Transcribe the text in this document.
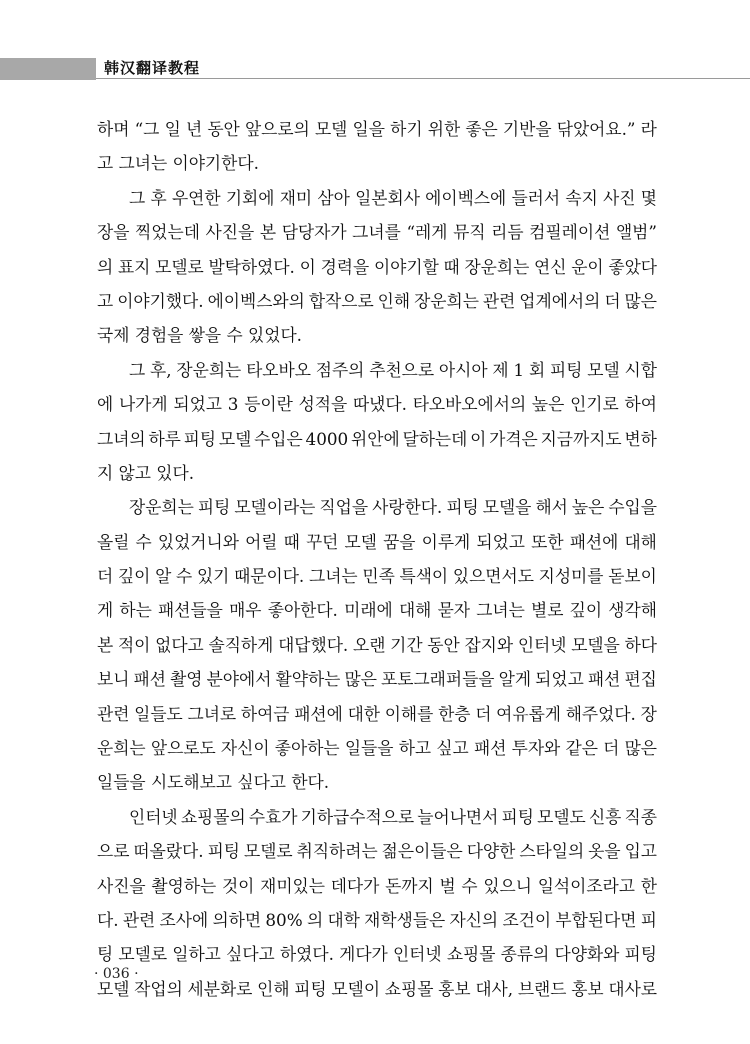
韩汉翻译教程
하며 “그 일 년 동안 앞으로의 모델 일을 하기 위한 좋은 기반을 닦았어요.” 라
고 그녀는 이야기한다.
그 후 우연한 기회에 재미 삼아 일본회사 에이벡스에 들러서 속지 사진 몇
장을 찍었는데 사진을 본 담당자가 그녀를 “레게 뮤직 리듬 컴필레이션 앨범”
의 표지 모델로 발탁하였다. 이 경력을 이야기할 때 장운희는 연신 운이 좋았다
고 이야기했다. 에이벡스와의 합작으로 인해 장운희는 관련 업계에서의 더 많은
국제 경험을 쌓을 수 있었다.
그 후, 장운희는 타오바오 점주의 추천으로 아시아 제 1 회 피팅 모델 시합
에 나가게 되었고 3 등이란 성적을 따냈다. 타오바오에서의 높은 인기로 하여
그녀의 하루 피팅 모델 수입은 4000 위안에 달하는데 이 가격은 지금까지도 변하
지 않고 있다.
장운희는 피팅 모델이라는 직업을 사랑한다. 피팅 모델을 해서 높은 수입을
올릴 수 있었거니와 어릴 때 꾸던 모델 꿈을 이루게 되었고 또한 패션에 대해
더 깊이 알 수 있기 때문이다. 그녀는 민족 특색이 있으면서도 지성미를 돋보이
게 하는 패션들을 매우 좋아한다. 미래에 대해 묻자 그녀는 별로 깊이 생각해
본 적이 없다고 솔직하게 대답했다. 오랜 기간 동안 잡지와 인터넷 모델을 하다
보니 패션 촬영 분야에서 활약하는 많은 포토그래퍼들을 알게 되었고 패션 편집
관련 일들도 그녀로 하여금 패션에 대한 이해를 한층 더 여유롭게 해주었다. 장
운희는 앞으로도 자신이 좋아하는 일들을 하고 싶고 패션 투자와 같은 더 많은
일들을 시도해보고 싶다고 한다.
인터넷 쇼핑몰의 수효가 기하급수적으로 늘어나면서 피팅 모델도 신흥 직종
으로 떠올랐다. 피팅 모델로 취직하려는 젊은이들은 다양한 스타일의 옷을 입고
사진을 촬영하는 것이 재미있는 데다가 돈까지 벌 수 있으니 일석이조라고 한
다. 관련 조사에 의하면 80% 의 대학 재학생들은 자신의 조건이 부합된다면 피
팅 모델로 일하고 싶다고 하였다. 게다가 인터넷 쇼핑몰 종류의 다양화와 피팅
모델 작업의 세분화로 인해 피팅 모델이 쇼핑몰 홍보 대사, 브랜드 홍보 대사로
· 036 ·
